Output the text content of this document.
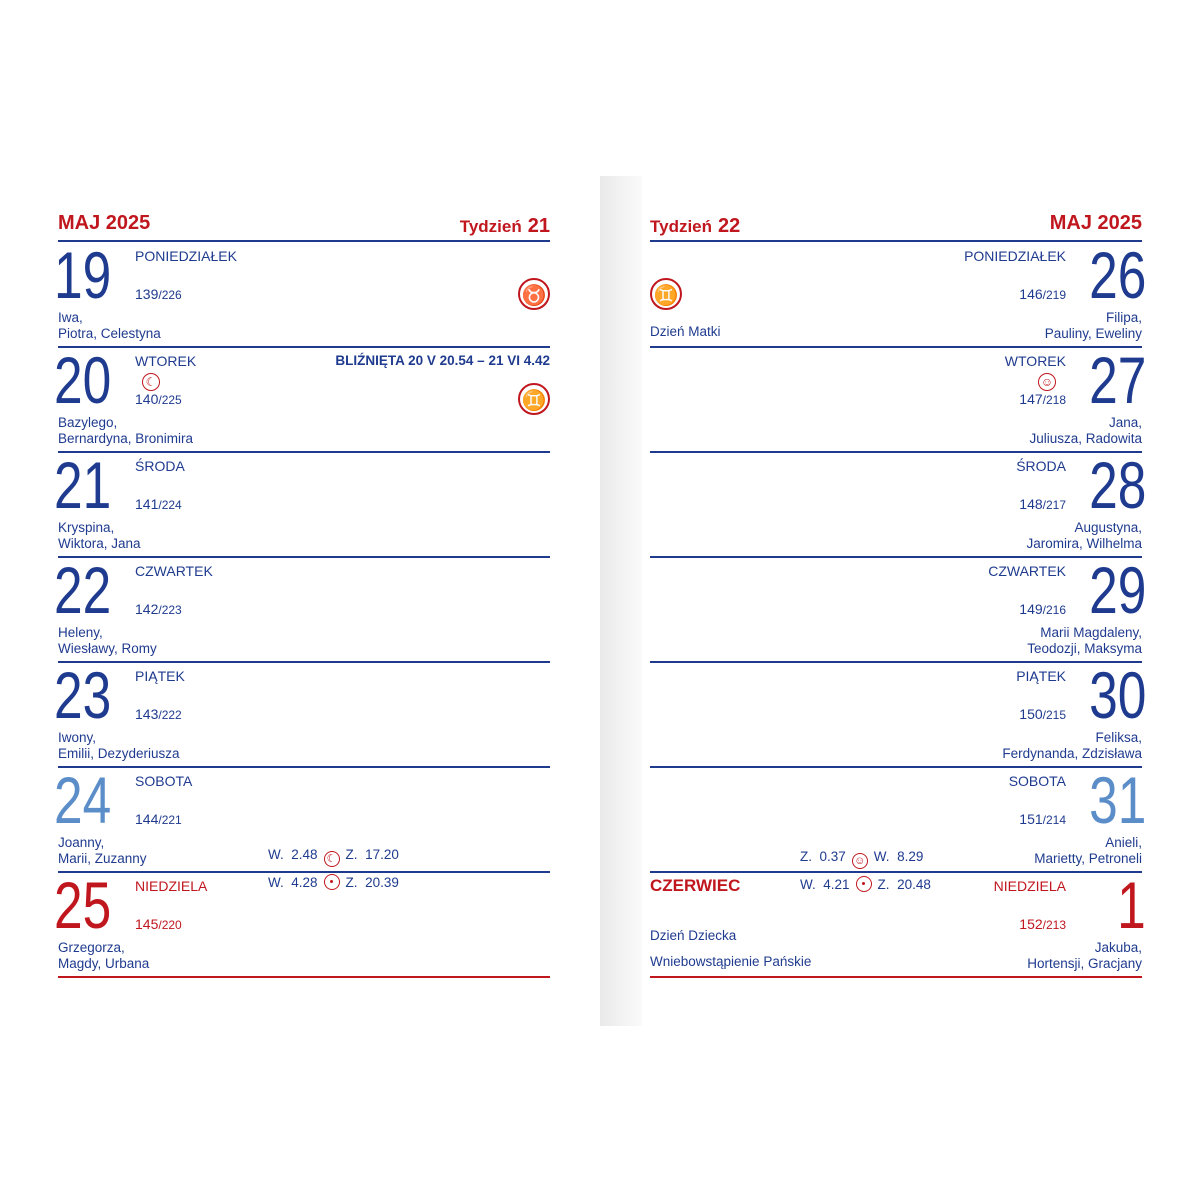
MAJ 2025	Tydzień 21
19 PONIEDZIAŁEK
139/226
Iwa,
Piotra, Celestyna
♉
20 WTOREK
☾
140/225
Bazylego,
Bernardyna, Bronimira
BLIŹNIĘTA 20 V 20.54 – 21 VI 4.42
♊
21 ŚRODA
141/224
Kryspina,
Wiktora, Jana
22 CZWARTEK
142/223
Heleny,
Wiesławy, Romy
23 PIĄTEK
143/222
Iwony,
Emilii, Dezyderiusza
24 SOBOTA
144/221
Joanny,
Marii, Zuzanny	W. 2.48 ☾ Z. 17.20
25 NIEDZIELA
145/220
Grzegorza,
Magdy, Urbana
W. 4.28 Z. 20.39
Tydzień 22	MAJ 2025
26
PONIEDZIAŁEK
146/219
Filipa,
Pauliny, Eweliny
♊
Dzień Matki
27
WTOREK
☺
147/218
Jana,
Juliusza, Radowita
28
ŚRODA
148/217
Augustyna,
Jaromira, Wilhelma
29
CZWARTEK
149/216
Marii Magdaleny,
Teodozji, Maksyma
30
PIĄTEK
150/215
Feliksa,
Ferdynanda, Zdzisława
31
SOBOTA
151/214
Anieli,
Marietty, Petroneli
Z. 0.37 ☺ W. 8.29
1
NIEDZIELA
152/213
Jakuba,
Hortensji, Gracjany
CZERWIEC	W. 4.21 Z. 20.48
Dzień Dziecka
Wniebowstąpienie Pańskie
